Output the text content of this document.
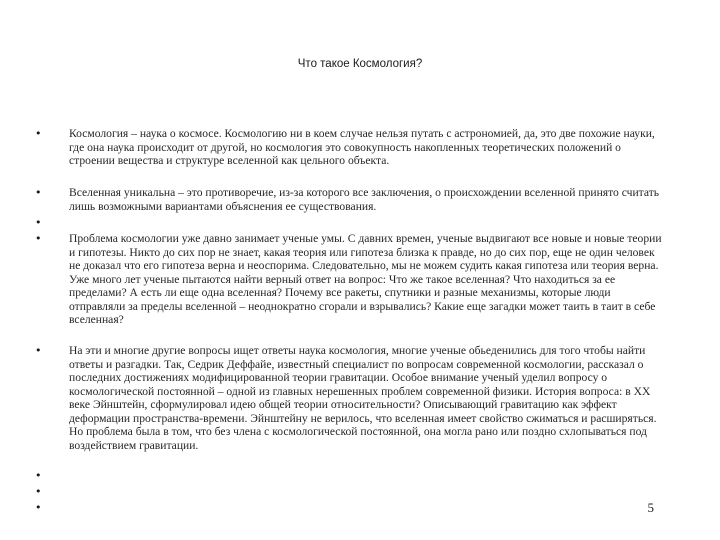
Что такое Космология?
•	Космология – наука о космосе. Космологию ни в коем случае нельзя путать с астрономией, да, это две похожие науки, где она наука происходит от другой, но космология это совокупность накопленных теоретических положений о строении вещества и структуре вселенной как цельного объекта.
•	Вселенная уникальна – это противоречие, из-за которого все заключения, о происхождении вселенной принято считать лишь возможными вариантами объяснения ее существования.
•
•	Проблема космологии уже давно занимает ученые умы. С давних времен, ученые выдвигают все новые и новые теории и гипотезы. Никто до сих пор не знает, какая теория или гипотеза близка к правде, но до сих пор, еще не один человек не доказал что его гипотеза верна и неоспорима. Следовательно, мы не можем судить какая гипотеза или теория верна. Уже много лет ученые пытаются найти верный ответ на вопрос: Что же такое вселенная? Что находиться за ее пределами? А есть ли еще одна вселенная? Почему все ракеты, спутники и разные механизмы, которые люди отправляли за пределы вселенной – неоднократно сгорали и взрывались? Какие еще загадки может таить в таит в себе вселенная?
•	На эти и многие другие вопросы ищет ответы наука космология, многие ученые обьеденились для того чтобы найти ответы и разгадки. Так, Седрик Деффайе, известный специалист по вопросам современной космологии, рассказал о последних достижениях модифицированной теории гравитации. Особое внимание ученый уделил вопросу о космологической постоянной – одной из главных нерешенных проблем современной физики. История вопроса: в ХХ веке Эйнштейн, сформулировал идею общей теории относительности? Описывающий гравитацию как эффект деформации пространства-времени. Эйнштейну не верилось, что вселенная имеет свойство сжиматься и расширяться. Но проблема была в том, что без члена с космологической постоянной, она могла рано или поздно схлопываться под воздействием гравитации.
•
•
•	5
